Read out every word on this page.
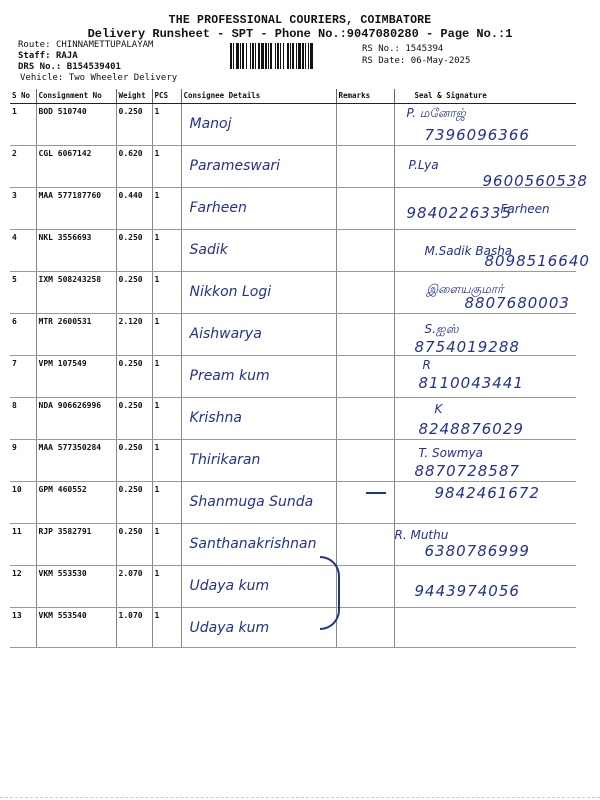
THE PROFESSIONAL COURIERS, COIMBATORE
Delivery Runsheet - SPT - Phone No.:9047080280 - Page No.:1
Route: CHINNAMETTUPALAYAM
Staff: RAJA
DRS No.: B154539401
Vehicle: Two Wheeler Delivery
RS No.: 1545394
RS Date: 06-May-2025
S No	Consignment No	Weight	PCS	Consignee Details	Remarks	Seal & Signature
1	BOD 510740	0.250	1	Manoj		P. மனோஜ்
7396096366

2	CGL 6067142	0.620	1	Parameswari		P.Lya
9600560538

3	MAA 577187760	0.440	1	Farheen		Farheen
9840226335

4	NKL 3556693	0.250	1	Sadik		M.Sadik Basha
8098516640

5	IXM 508243258	0.250	1	Nikkon Logi		இளையகுமார்
8807680003

6	MTR 2600531	2.120	1	Aishwarya		S.ஐஸ்
8754019288

7	VPM 107549	0.250	1	Pream kum		R
8110043441

8	NDA 906626996	0.250	1	Krishna		K
8248876029

9	MAA 577350284	0.250	1	Thirikaran		T. Sowmya
8870728587

10	GPM 460552	0.250	1	Shanmuga Sunda		9842461672

11	RJP 3582791	0.250	1	Santhanakrishnan		R. Muthu
6380786999

12	VKM 553530	2.070	1	Udaya kum		9443974056

13	VKM 553540	1.070	1	Udaya kum		
